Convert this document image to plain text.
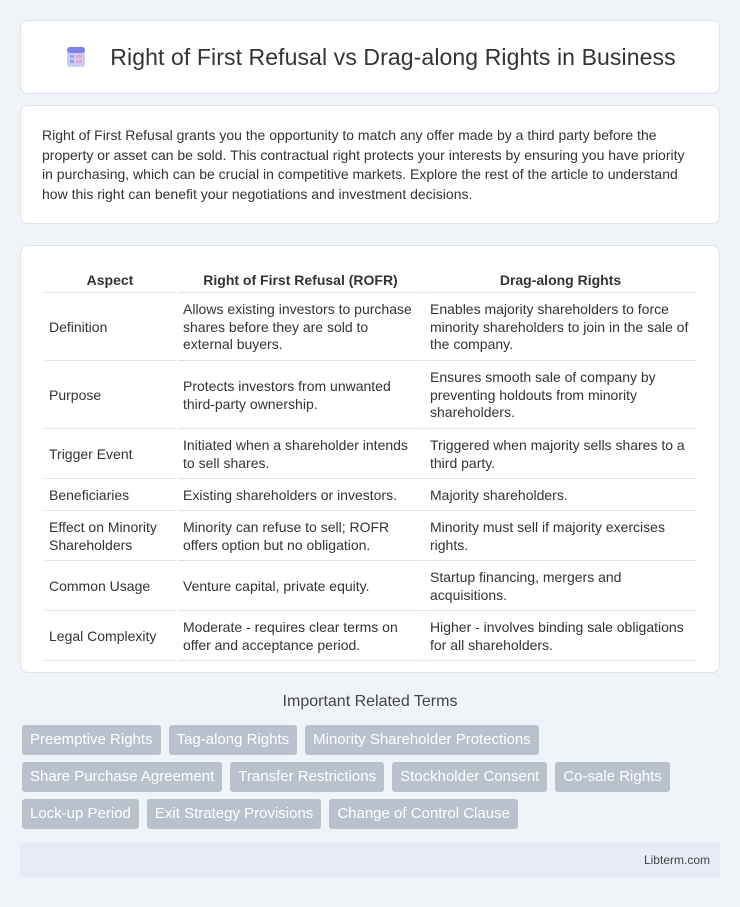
Right of First Refusal vs Drag-along Rights in Business

Right of First Refusal grants you the opportunity to match any offer made by a third party before the property or asset can be sold. This contractual right protects your interests by ensuring you have priority in purchasing, which can be crucial in competitive markets. Explore the rest of the article to understand how this right can benefit your negotiations and investment decisions.

Aspect	Right of First Refusal (ROFR)	Drag-along Rights
Definition	Allows existing investors to purchase shares before they are sold to external buyers.	Enables majority shareholders to force minority shareholders to join in the sale of the company.
Purpose	Protects investors from unwanted third-party ownership.	Ensures smooth sale of company by preventing holdouts from minority shareholders.
Trigger Event	Initiated when a shareholder intends to sell shares.	Triggered when majority sells shares to a third party.
Beneficiaries	Existing shareholders or investors.	Majority shareholders.
Effect on Minority Shareholders	Minority can refuse to sell; ROFR offers option but no obligation.	Minority must sell if majority exercises rights.
Common Usage	Venture capital, private equity.	Startup financing, mergers and acquisitions.
Legal Complexity	Moderate - requires clear terms on offer and acceptance period.	Higher - involves binding sale obligations for all shareholders.
Important Related Terms
Preemptive Rights	Tag-along Rights	Minority Shareholder Protections
Share Purchase Agreement	Transfer Restrictions	Stockholder Consent	Co-sale Rights
Lock-up Period	Exit Strategy Provisions	Change of Control Clause
Libterm.com
